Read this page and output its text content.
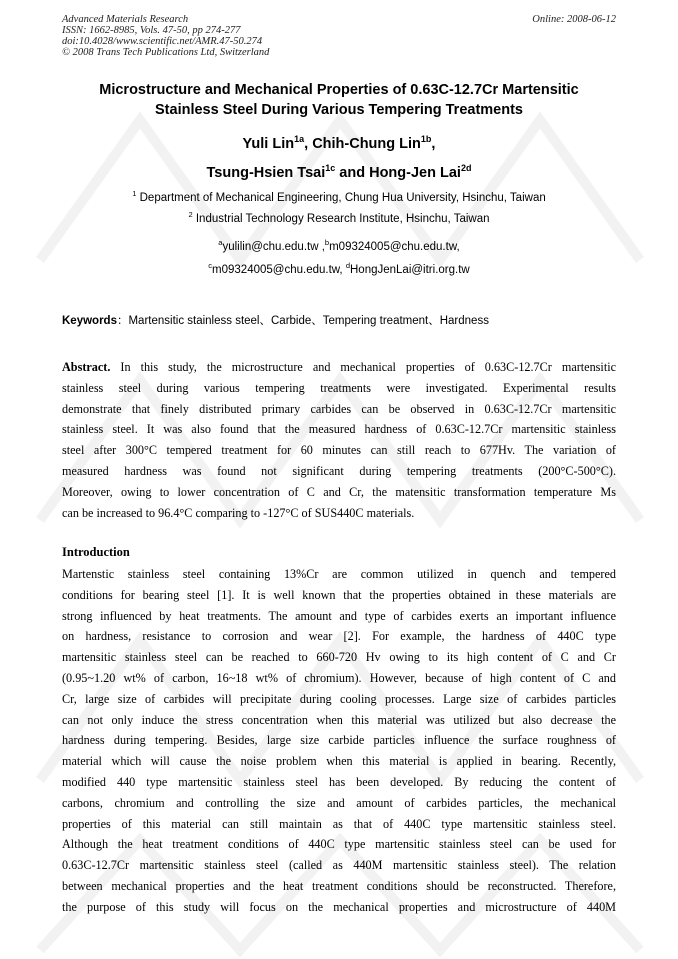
Advanced Materials Research
ISSN: 1662-8985, Vols. 47-50, pp 274-277
doi:10.4028/www.scientific.net/AMR.47-50.274
© 2008 Trans Tech Publications Ltd, Switzerland
Online: 2008-06-12
Microstructure and Mechanical Properties of 0.63C-12.7Cr Martensitic
Stainless Steel During Various Tempering Treatments
Yuli Lin$^{1a}$, Chih-Chung Lin$^{1b}$,
Tsung-Hsien Tsai$^{1c}$ and Hong-Jen Lai$^{2d}$
$^1$ Department of Mechanical Engineering, Chung Hua University, Hsinchu, Taiwan
$^2$ Industrial Technology Research Institute, Hsinchu, Taiwan
$^a$yulilin@chu.edu.tw ,$^b$m09324005@chu.edu.tw,
$^c$m09324005@chu.edu.tw, $^d$HongJenLai@itri.org.tw
Keywords：Martensitic stainless steel、Carbide、Tempering treatment、Hardness
Abstract. In this study, the microstructure and mechanical properties of 0.63C-12.7Cr martensitic
stainless steel during various tempering treatments were investigated. Experimental results
demonstrate that finely distributed primary carbides can be observed in 0.63C-12.7Cr martensitic
stainless steel. It was also found that the measured hardness of 0.63C-12.7Cr martensitic stainless
steel after 300°C tempered treatment for 60 minutes can still reach to 677Hv. The variation of
measured hardness was found not significant during tempering treatments (200°C-500°C).
Moreover, owing to lower concentration of C and Cr, the matensitic transformation temperature Ms
can be increased to 96.4°C comparing to -127°C of SUS440C materials.
Introduction
Martenstic stainless steel containing 13%Cr are common utilized in quench and tempered
conditions for bearing steel [1]. It is well known that the properties obtained in these materials are
strong influenced by heat treatments. The amount and type of carbides exerts an important influence
on hardness, resistance to corrosion and wear [2]. For example, the hardness of 440C type
martensitic stainless steel can be reached to 660-720 Hv owing to its high content of C and Cr
(0.95~1.20 wt% of carbon, 16~18 wt% of chromium). However, because of high content of C and
Cr, large size of carbides will precipitate during cooling processes. Large size of carbides particles
can not only induce the stress concentration when this material was utilized but also decrease the
hardness during tempering. Besides, large size carbide particles influence the surface roughness of
material which will cause the noise problem when this material is applied in bearing. Recently,
modified 440 type martensitic stainless steel has been developed. By reducing the content of
carbons, chromium and controlling the size and amount of carbides particles, the mechanical
properties of this material can still maintain as that of 440C type martensitic stainless steel.
Although the heat treatment conditions of 440C type martensitic stainless steel can be used for
0.63C-12.7Cr martensitic stainless steel (called as 440M martensitic stainless steel). The relation
between mechanical properties and the heat treatment conditions should be reconstructed. Therefore,
the purpose of this study will focus on the mechanical properties and microstructure of 440M
